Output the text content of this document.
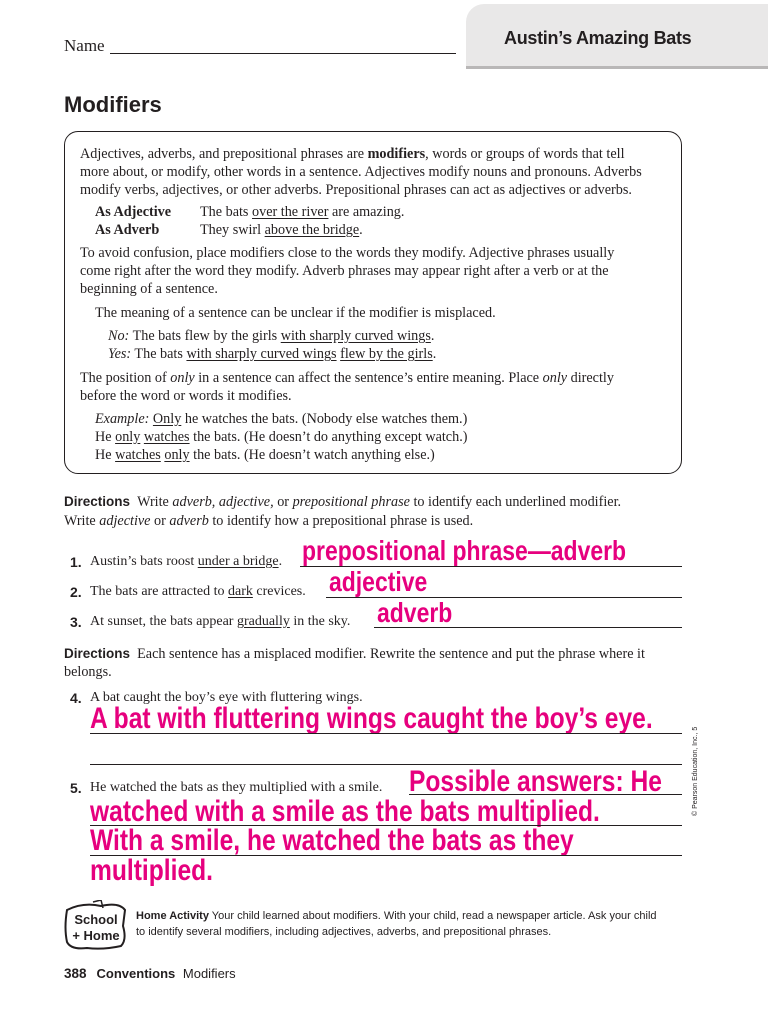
Name	Austin’s Amazing Bats
Modifiers
Adjectives, adverbs, and prepositional phrases are modifiers, words or groups of words that tell
more about, or modify, other words in a sentence. Adjectives modify nouns and pronouns. Adverbs
modify verbs, adjectives, or other adverbs. Prepositional phrases can act as adjectives or adverbs.
As Adjective The bats over the river are amazing.
As Adverb	They swirl above the bridge.
To avoid confusion, place modifiers close to the words they modify. Adjective phrases usually
come right after the word they modify. Adverb phrases may appear right after a verb or at the
beginning of a sentence.
The meaning of a sentence can be unclear if the modifier is misplaced.
No: The bats flew by the girls with sharply curved wings.
Yes: The bats with sharply curved wings flew by the girls.
The position of only in a sentence can affect the sentence’s entire meaning. Place only directly
before the word or words it modifies.
Example: Only he watches the bats. (Nobody else watches them.)
He only watches the bats. (He doesn’t do anything except watch.)
He watches only the bats. (He doesn’t watch anything else.)
Directions Write adverb, adjective, or prepositional phrase to identify each underlined modifier.
Write adjective or adverb to identify how a prepositional phrase is used.
1. Austin’s bats roost under a bridge. prepositional phrase—adverb
2. The bats are attracted to dark crevices. adjective
3. At sunset, the bats appear gradually in the sky. adverb
Directions Each sentence has a misplaced modifier. Rewrite the sentence and put the phrase where it
belongs.
4. A bat caught the boy’s eye with fluttering wings.
A bat with fluttering wings caught the boy’s eye.
5. He watched the bats as they multiplied with a smile. Possible answers: He
watched with a smile as the bats multiplied.
With a smile, he watched the bats as they
multiplied.
© Pearson Education, Inc., 5
School
+ Home
Home Activity Your child learned about modifiers. With your child, read a newspaper article. Ask your child
to identify several modifiers, including adjectives, adverbs, and prepositional phrases.
388 Conventions Modifiers
